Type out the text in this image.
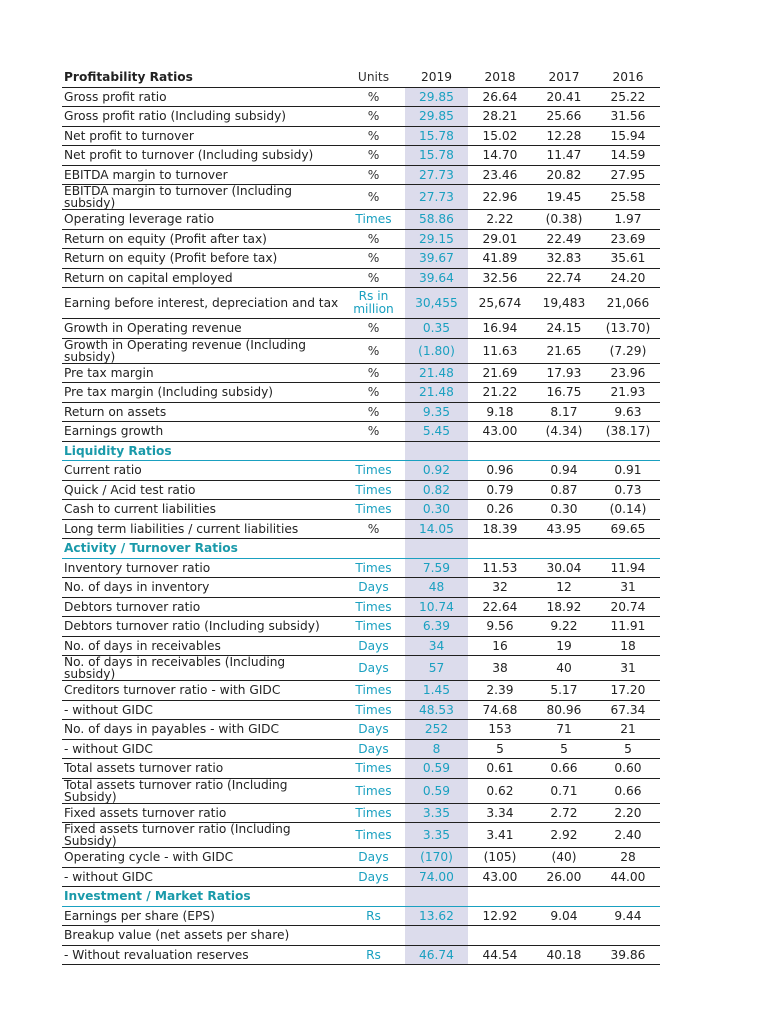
Profitability Ratios	Units	2019	2018	2017	2016
Gross profit ratio	%	29.85	26.64	20.41	25.22
Gross profit ratio (Including subsidy)	%	29.85	28.21	25.66	31.56
Net profit to turnover	%	15.78	15.02	12.28	15.94
Net profit to turnover (Including subsidy)	%	15.78	14.70	11.47	14.59
EBITDA margin to turnover	%	27.73	23.46	20.82	27.95
EBITDA margin to turnover (Including subsidy)	%	27.73	22.96	19.45	25.58
Operating leverage ratio	Times	58.86	2.22	(0.38)	1.97
Return on equity (Profit after tax)	%	29.15	29.01	22.49	23.69
Return on equity (Profit before tax)	%	39.67	41.89	32.83	35.61
Return on capital employed	%	39.64	32.56	22.74	24.20
Earning before interest, depreciation and tax	Rs in million	30,455	25,674	19,483	21,066
Growth in Operating revenue	%	0.35	16.94	24.15	(13.70)
Growth in Operating revenue (Including subsidy)	%	(1.80)	11.63	21.65	(7.29)
Pre tax margin	%	21.48	21.69	17.93	23.96
Pre tax margin (Including subsidy)	%	21.48	21.22	16.75	21.93
Return on assets	%	9.35	9.18	8.17	9.63
Earnings growth	%	5.45	43.00	(4.34)	(38.17)
Liquidity Ratios					
Current ratio	Times	0.92	0.96	0.94	0.91
Quick / Acid test ratio	Times	0.82	0.79	0.87	0.73
Cash to current liabilities	Times	0.30	0.26	0.30	(0.14)
Long term liabilities / current liabilities	%	14.05	18.39	43.95	69.65
Activity / Turnover Ratios					
Inventory turnover ratio	Times	7.59	11.53	30.04	11.94
No. of days in inventory	Days	48	32	12	31
Debtors turnover ratio	Times	10.74	22.64	18.92	20.74
Debtors turnover ratio (Including subsidy)	Times	6.39	9.56	9.22	11.91
No. of days in receivables	Days	34	16	19	18
No. of days in receivables (Including subsidy)	Days	57	38	40	31
Creditors turnover ratio - with GIDC	Times	1.45	2.39	5.17	17.20
- without GIDC	Times	48.53	74.68	80.96	67.34
No. of days in payables - with GIDC	Days	252	153	71	21
- without GIDC	Days	8	5	5	5
Total assets turnover ratio	Times	0.59	0.61	0.66	0.60
Total assets turnover ratio (Including Subsidy)	Times	0.59	0.62	0.71	0.66
Fixed assets turnover ratio	Times	3.35	3.34	2.72	2.20
Fixed assets turnover ratio (Including Subsidy)	Times	3.35	3.41	2.92	2.40
Operating cycle - with GIDC	Days	(170)	(105)	(40)	28
- without GIDC	Days	74.00	43.00	26.00	44.00
Investment / Market Ratios					
Earnings per share (EPS)	Rs	13.62	12.92	9.04	9.44
Breakup value (net assets per share)					
- Without revaluation reserves	Rs	46.74	44.54	40.18	39.86
